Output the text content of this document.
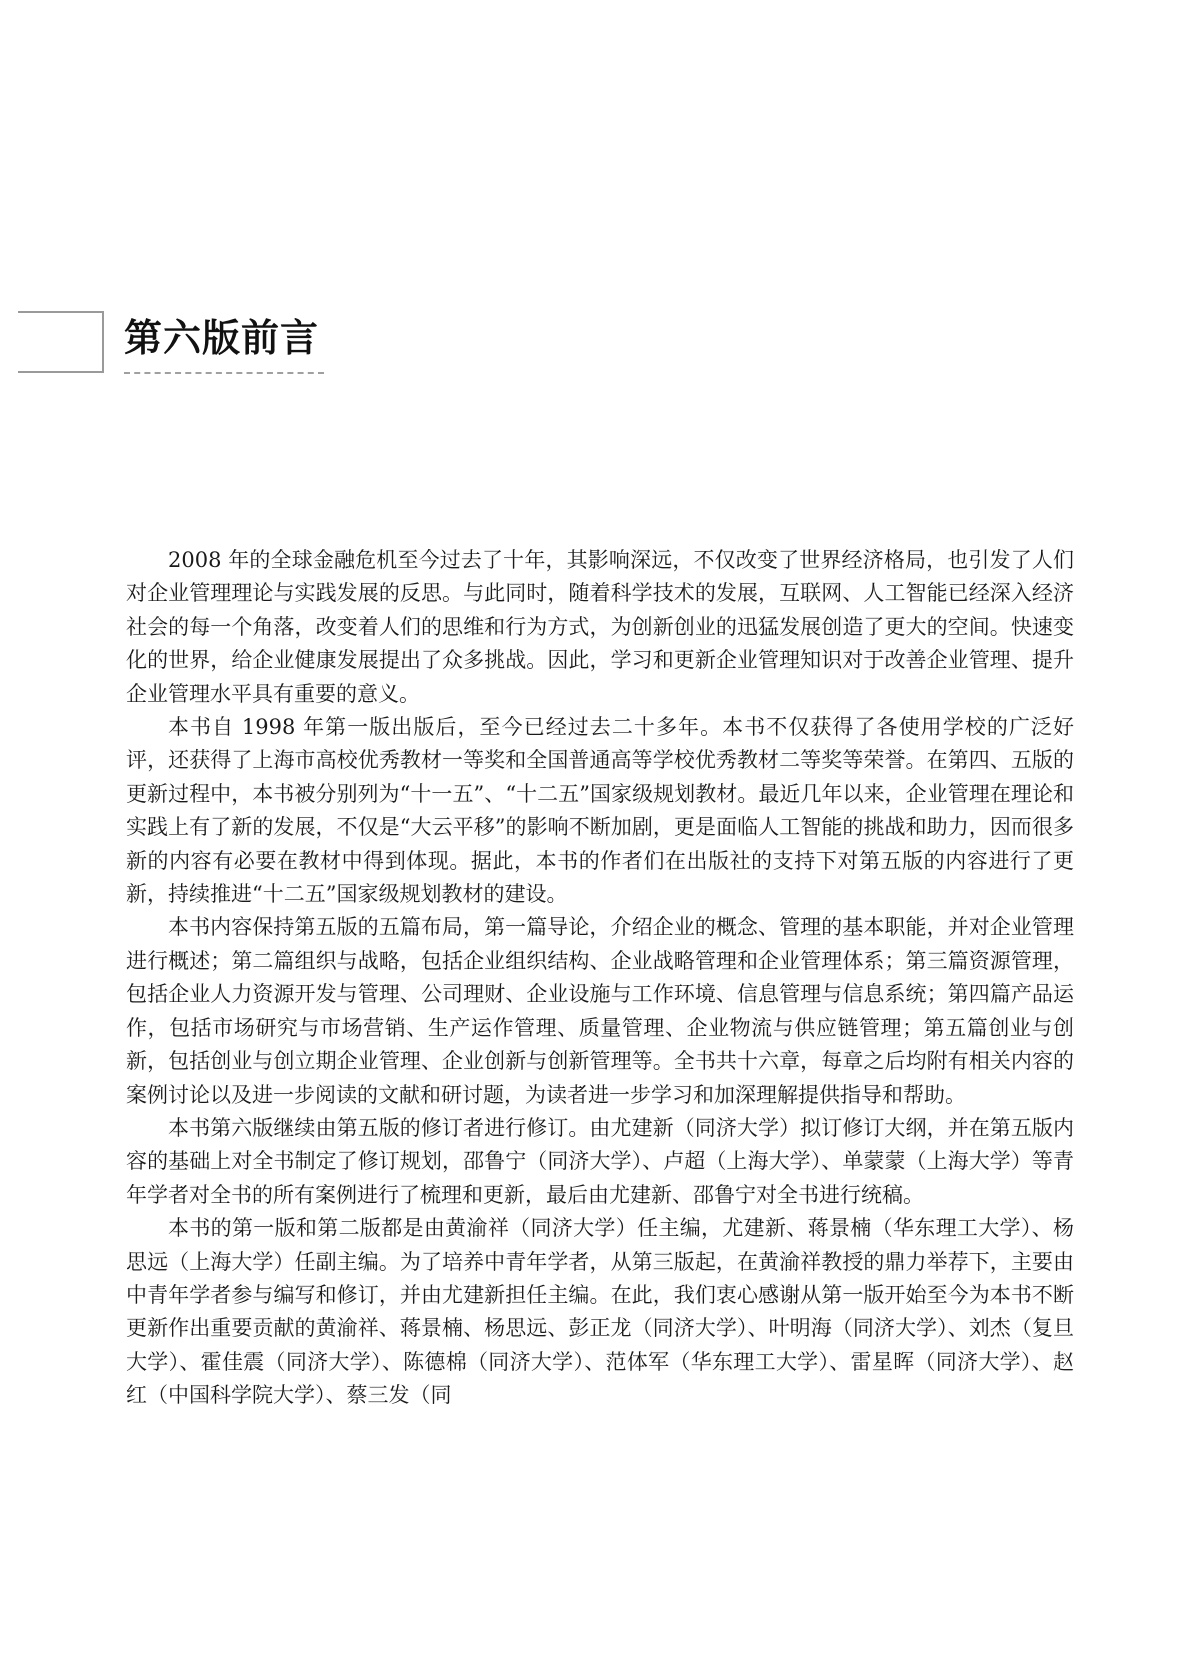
第六版前言

2008 年的全球金融危机至今过去了十年，其影响深远，不仅改变了世界经济格局，也引发了人们对企业管理理论与实践发展的反思。与此同时，随着科学技术的发展，互联网、人工智能已经深入经济社会的每一个角落，改变着人们的思维和行为方式，为创新创业的迅猛发展创造了更大的空间。快速变化的世界，给企业健康发展提出了众多挑战。因此，学习和更新企业管理知识对于改善企业管理、提升企业管理水平具有重要的意义。

本书自 1998 年第一版出版后，至今已经过去二十多年。本书不仅获得了各使用学校的广泛好评，还获得了上海市高校优秀教材一等奖和全国普通高等学校优秀教材二等奖等荣誉。在第四、五版的更新过程中，本书被分别列为“十一五”、“十二五”国家级规划教材。最近几年以来，企业管理在理论和实践上有了新的发展，不仅是“大云平移”的影响不断加剧，更是面临人工智能的挑战和助力，因而很多新的内容有必要在教材中得到体现。据此，本书的作者们在出版社的支持下对第五版的内容进行了更新，持续推进“十二五”国家级规划教材的建设。

本书内容保持第五版的五篇布局，第一篇导论，介绍企业的概念、管理的基本职能，并对企业管理进行概述；第二篇组织与战略，包括企业组织结构、企业战略管理和企业管理体系；第三篇资源管理，包括企业人力资源开发与管理、公司理财、企业设施与工作环境、信息管理与信息系统；第四篇产品运作，包括市场研究与市场营销、生产运作管理、质量管理、企业物流与供应链管理；第五篇创业与创新，包括创业与创立期企业管理、企业创新与创新管理等。全书共十六章，每章之后均附有相关内容的案例讨论以及进一步阅读的文献和研讨题，为读者进一步学习和加深理解提供指导和帮助。

本书第六版继续由第五版的修订者进行修订。由尤建新（同济大学）拟订修订大纲，并在第五版内容的基础上对全书制定了修订规划，邵鲁宁（同济大学）、卢超（上海大学）、单蒙蒙（上海大学）等青年学者对全书的所有案例进行了梳理和更新，最后由尤建新、邵鲁宁对全书进行统稿。

本书的第一版和第二版都是由黄渝祥（同济大学）任主编，尤建新、蒋景楠（华东理工大学）、杨思远（上海大学）任副主编。为了培养中青年学者，从第三版起，在黄渝祥教授的鼎力举荐下，主要由中青年学者参与编写和修订，并由尤建新担任主编。在此，我们衷心感谢从第一版开始至今为本书不断更新作出重要贡献的黄渝祥、蒋景楠、杨思远、彭正龙（同济大学）、叶明海（同济大学）、刘杰（复旦大学）、霍佳震（同济大学）、陈德棉（同济大学）、范体军（华东理工大学）、雷星晖（同济大学）、赵红（中国科学院大学）、蔡三发（同
